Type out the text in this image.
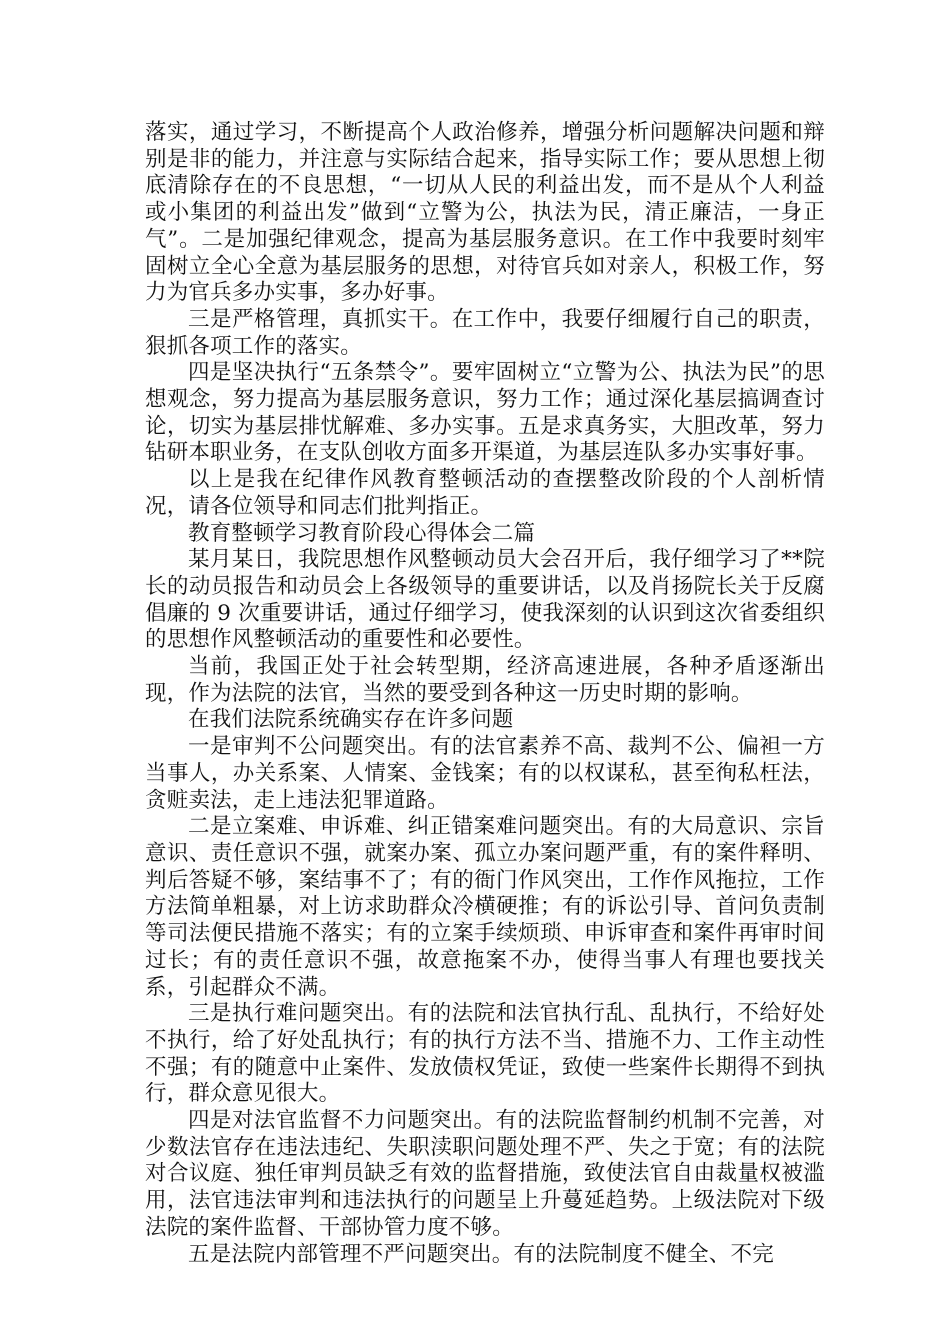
落实，通过学习，不断提高个人政治修养，增强分析问题解决问题和辩别是非的能力，并注意与实际结合起来，指导实际工作；要从思想上彻底清除存在的不良思想，“一切从人民的利益出发，而不是从个人利益或小集团的利益出发”做到“立警为公，执法为民，清正廉洁，一身正气”。二是加强纪律观念，提高为基层服务意识。在工作中我要时刻牢固树立全心全意为基层服务的思想，对待官兵如对亲人，积极工作，努力为官兵多办实事，多办好事。

三是严格管理，真抓实干。在工作中，我要仔细履行自己的职责，狠抓各项工作的落实。

四是坚决执行“五条禁令”。要牢固树立“立警为公、执法为民”的思想观念，努力提高为基层服务意识，努力工作；通过深化基层搞调查讨论，切实为基层排忧解难、多办实事。五是求真务实，大胆改革，努力钻研本职业务，在支队创收方面多开渠道，为基层连队多办实事好事。

以上是我在纪律作风教育整顿活动的查摆整改阶段的个人剖析情况，请各位领导和同志们批判指正。

教育整顿学习教育阶段心得体会二篇

某月某日，我院思想作风整顿动员大会召开后，我仔细学习了**院长的动员报告和动员会上各级领导的重要讲话，以及肖扬院长关于反腐倡廉的 9 次重要讲话，通过仔细学习，使我深刻的认识到这次省委组织的思想作风整顿活动的重要性和必要性。

当前，我国正处于社会转型期，经济高速进展，各种矛盾逐渐出现，作为法院的法官，当然的要受到各种这一历史时期的影响。

在我们法院系统确实存在许多问题

一是审判不公问题突出。有的法官素养不高、裁判不公、偏袒一方当事人，办关系案、人情案、金钱案；有的以权谋私，甚至徇私枉法，贪赃卖法，走上违法犯罪道路。

二是立案难、申诉难、纠正错案难问题突出。有的大局意识、宗旨意识、责任意识不强，就案办案、孤立办案问题严重，有的案件释明、判后答疑不够，案结事不了；有的衙门作风突出，工作作风拖拉，工作方法简单粗暴，对上访求助群众冷横硬推；有的诉讼引导、首问负责制等司法便民措施不落实；有的立案手续烦琐、申诉审查和案件再审时间过长；有的责任意识不强，故意拖案不办，使得当事人有理也要找关系，引起群众不满。

三是执行难问题突出。有的法院和法官执行乱、乱执行，不给好处不执行，给了好处乱执行；有的执行方法不当、措施不力、工作主动性不强；有的随意中止案件、发放债权凭证，致使一些案件长期得不到执行，群众意见很大。

四是对法官监督不力问题突出。有的法院监督制约机制不完善，对少数法官存在违法违纪、失职渎职问题处理不严、失之于宽；有的法院对合议庭、独任审判员缺乏有效的监督措施，致使法官自由裁量权被滥用，法官违法审判和违法执行的问题呈上升蔓延趋势。上级法院对下级法院的案件监督、干部协管力度不够。

五是法院内部管理不严问题突出。有的法院制度不健全、不完
